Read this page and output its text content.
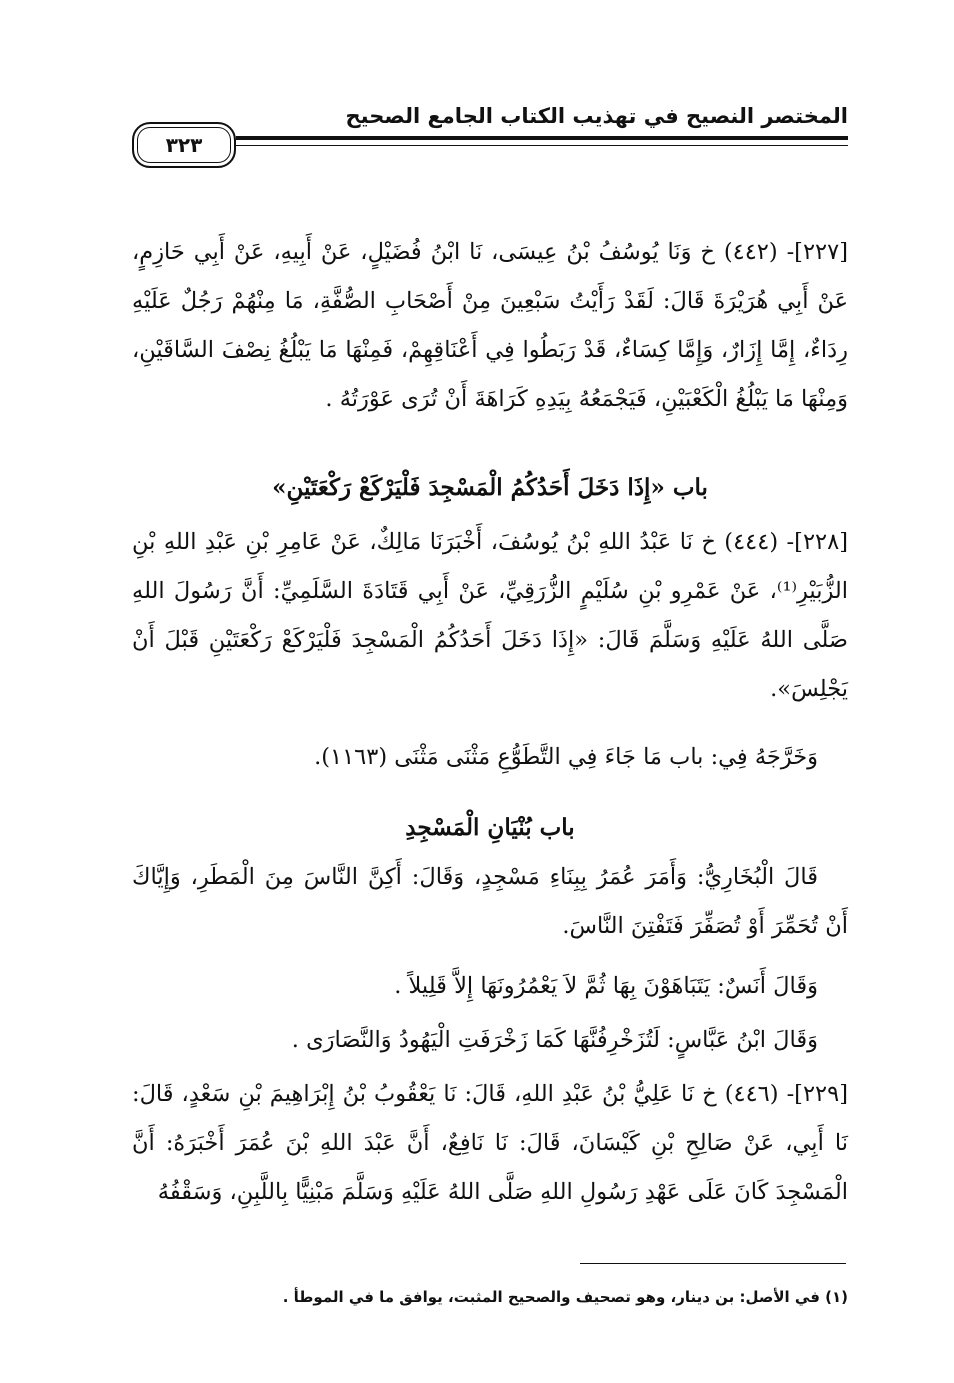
المختصر النصيح في تهذيب الكتاب الجامع الصحيح
٣٢٣
[٢٢٧]- (٤٤٢) خ وَنَا يُوسُفُ بْنُ عِيسَى، نَا ابْنُ فُضَيْلٍ، عَنْ أَبِيهِ، عَنْ أَبِي حَازِمٍ، عَنْ أَبِي هُرَيْرَةَ قَالَ: لَقَدْ رَأَيْتُ سَبْعِينَ مِنْ أَصْحَابِ الصُّفَّةِ، مَا مِنْهُمْ رَجُلٌ عَلَيْهِ رِدَاءٌ، إِمَّا إِزَارٌ، وَإِمَّا كِسَاءٌ، قَدْ رَبَطُوا فِي أَعْنَاقِهِمْ، فَمِنْهَا مَا يَبْلُغُ نِصْفَ السَّاقَيْنِ، وَمِنْهَا مَا يَبْلُغُ الْكَعْبَيْنِ، فَيَجْمَعُهُ بِيَدِهِ كَرَاهَةَ أَنْ تُرَى عَوْرَتُهُ .
باب «إِذَا دَخَلَ أَحَدُكُمُ الْمَسْجِدَ فَلْيَرْكَعْ رَكْعَتَيْنِ»
[٢٢٨]- (٤٤٤) خ نَا عَبْدُ اللهِ بْنُ يُوسُفَ، أَخْبَرَنَا مَالِكٌ، عَنْ عَامِرِ بْنِ عَبْدِ اللهِ بْنِ الزُّبَيْرِ⁽¹⁾، عَنْ عَمْرِو بْنِ سُلَيْمٍ الزُّرَقِيِّ، عَنْ أَبِي قَتَادَةَ السَّلَمِيِّ: أَنَّ رَسُولَ اللهِ صَلَّى اللهُ عَلَيْهِ وَسَلَّمَ قَالَ: «إِذَا دَخَلَ أَحَدُكُمُ الْمَسْجِدَ فَلْيَرْكَعْ رَكْعَتَيْنِ قَبْلَ أَنْ يَجْلِسَ».
وَخَرَّجَهُ فِي: باب مَا جَاءَ فِي التَّطَوُّعِ مَثْنَى مَثْنَى (١١٦٣).
باب بُنْيَانِ الْمَسْجِدِ
قَالَ الْبُخَارِيُّ: وَأَمَرَ عُمَرُ بِبِنَاءِ مَسْجِدٍ، وَقَالَ: أَكِنَّ النَّاسَ مِنَ الْمَطَرِ، وَإِيَّاكَ أَنْ تُحَمِّرَ أَوْ تُصَفِّرَ فَتَفْتِنَ النَّاسَ.
وَقَالَ أَنَسٌ: يَتَبَاهَوْنَ بِهَا ثُمَّ لاَ يَعْمُرُونَهَا إِلاَّ قَلِيلاً .
وَقَالَ ابْنُ عَبَّاسٍ: لَتُزَخْرِفُنَّهَا كَمَا زَخْرَفَتِ الْيَهُودُ وَالنَّصَارَى .
[٢٢٩]- (٤٤٦) خ نَا عَلِيُّ بْنُ عَبْدِ اللهِ، قَالَ: نَا يَعْقُوبُ بْنُ إِبْرَاهِيمَ بْنِ سَعْدٍ، قَالَ: نَا أَبِي، عَنْ صَالِحِ بْنِ كَيْسَانَ، قَالَ: نَا نَافِعٌ، أَنَّ عَبْدَ اللهِ بْنَ عُمَرَ أَخْبَرَهُ: أَنَّ الْمَسْجِدَ كَانَ عَلَى عَهْدِ رَسُولِ اللهِ صَلَّى اللهُ عَلَيْهِ وَسَلَّمَ مَبْنِيًّا بِاللَّبِنِ، وَسَقْفُهُ
(١) في الأصل: بن دينار، وهو تصحيف والصحيح المثبت، يوافق ما في الموطأ .
